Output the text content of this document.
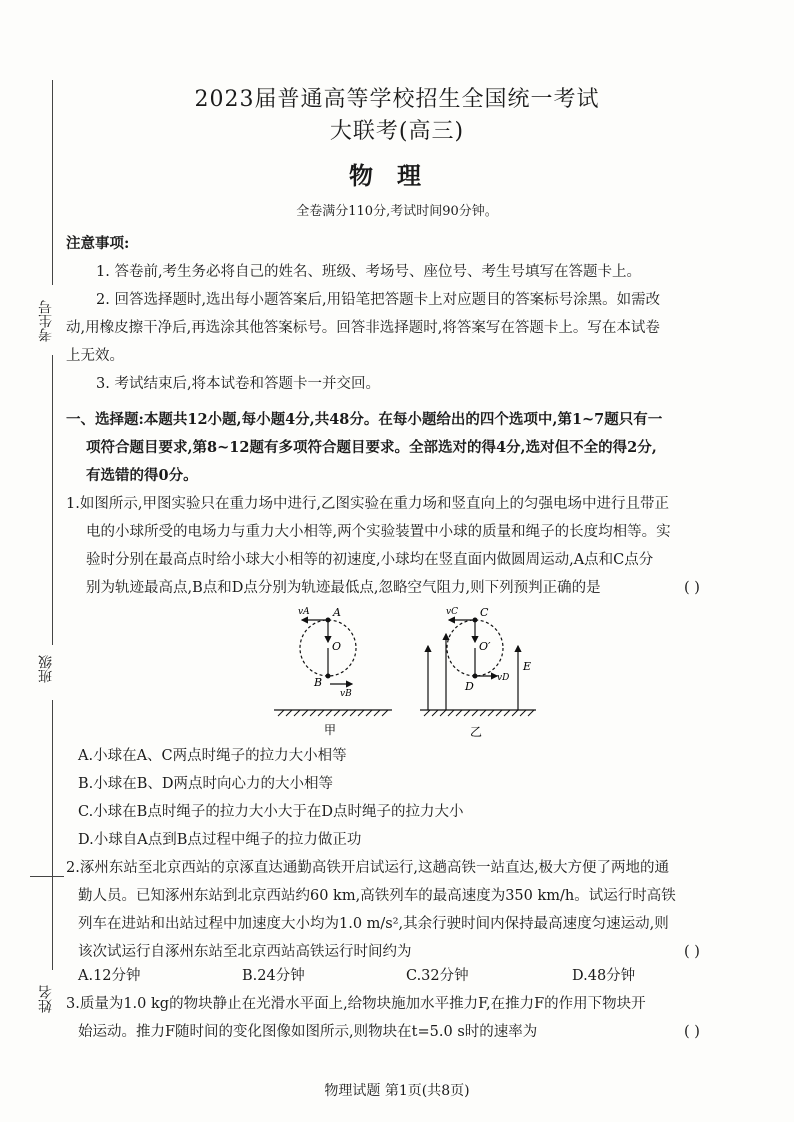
考生号
班级
姓名
2023届普通高等学校招生全国统一考试
大联考(高三)
物理
全卷满分110分,考试时间90分钟。
注意事项:
1. 答卷前,考生务必将自己的姓名、班级、考场号、座位号、考生号填写在答题卡上。
2. 回答选择题时,选出每小题答案后,用铅笔把答题卡上对应题目的答案标号涂黑。如需改
动,用橡皮擦干净后,再选涂其他答案标号。回答非选择题时,将答案写在答题卡上。写在本试卷
上无效。
3. 考试结束后,将本试卷和答题卡一并交回。
一、选择题:本题共12小题,每小题4分,共48分。在每小题给出的四个选项中,第1~7题只有一
项符合题目要求,第8~12题有多项符合题目要求。全部选对的得4分,选对但不全的得2分,
有选错的得0分。
1.如图所示,甲图实验只在重力场中进行,乙图实验在重力场和竖直向上的匀强电场中进行且带正
电的小球所受的电场力与重力大小相等,两个实验装置中小球的质量和绳子的长度均相等。实
验时分别在最高点时给小球大小相等的初速度,小球均在竖直面内做圆周运动,A点和C点分
别为轨迹最高点,B点和D点分别为轨迹最低点,忽略空气阻力,则下列预判正确的是	( )
A
vA
O
B
vB
甲
C
vC
O′
D
vD
E
乙
A.小球在A、C两点时绳子的拉力大小相等
B.小球在B、D两点时向心力的大小相等
C.小球在B点时绳子的拉力大小大于在D点时绳子的拉力大小
D.小球自A点到B点过程中绳子的拉力做正功
2.涿州东站至北京西站的京涿直达通勤高铁开启试运行,这趟高铁一站直达,极大方便了两地的通
勤人员。已知涿州东站到北京西站约60 km,高铁列车的最高速度为350 km/h。试运行时高铁
列车在进站和出站过程中加速度大小均为1.0 m/s²,其余行驶时间内保持最高速度匀速运动,则
该次试运行自涿州东站至北京西站高铁运行时间约为	( )
A.12分钟	B.24分钟	C.32分钟	D.48分钟
3.质量为1.0 kg的物块静止在光滑水平面上,给物块施加水平推力F,在推力F的作用下物块开
始运动。推力F随时间的变化图像如图所示,则物块在t=5.0 s时的速率为	( )
物理试题 第1页(共8页)
